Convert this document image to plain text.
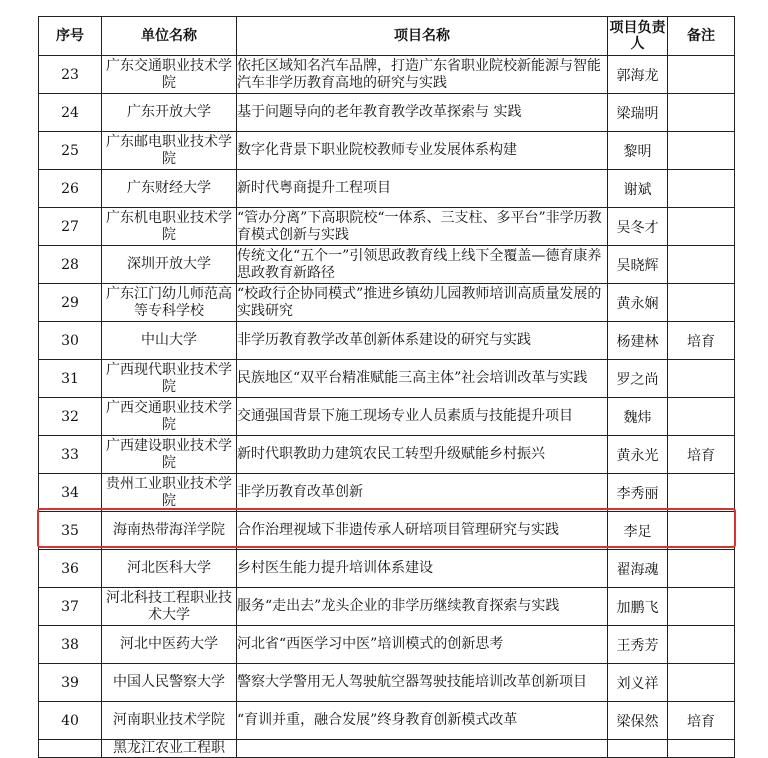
序号	单位名称	项目名称	项目负责人	备注
23	广东交通职业技术学院	依托区域知名汽车品牌，打造广东省职业院校新能源与智能汽车非学历教育高地的研究与实践	郭海龙	
24	广东开放大学	基于问题导向的老年教育教学改革探索与 实践	梁瑞明	
25	广东邮电职业技术学院	数字化背景下职业院校教师专业发展体系构建	黎明	
26	广东财经大学	新时代粤商提升工程项目	谢斌	
27	广东机电职业技术学院	“管办分离”下高职院校“一体系、三支柱、多平台”非学历教育模式创新与实践	吴冬才	
28	深圳开放大学	传统文化“五个一”引领思政教育线上线下全覆盖—德育康养思政教育新路径	吴晓辉	
29	广东江门幼儿师范高等专科学校	“校政行企协同模式”推进乡镇幼儿园教师培训高质量发展的实践研究	黄永娴	
30	中山大学	非学历教育教学改革创新体系建设的研究与实践	杨建林	培育
31	广西现代职业技术学院	民族地区“双平台精准赋能三高主体”社会培训改革与实践	罗之尚	
32	广西交通职业技术学院	交通强国背景下施工现场专业人员素质与技能提升项目	魏炜	
33	广西建设职业技术学院	新时代职教助力建筑农民工转型升级赋能乡村振兴	黄永光	培育
34	贵州工业职业技术学院	非学历教育改革创新	李秀丽	
35	海南热带海洋学院	合作治理视域下非遗传承人研培项目管理研究与实践	李足	
36	河北医科大学	乡村医生能力提升培训体系建设	翟海魂	
37	河北科技工程职业技术大学	服务“走出去”龙头企业的非学历继续教育探索与实践	加鹏飞	
38	河北中医药大学	河北省“西医学习中医”培训模式的创新思考	王秀芳	
39	中国人民警察大学	警察大学警用无人驾驶航空器驾驶技能培训改革创新项目	刘义祥	
40	河南职业技术学院	“育训并重，融合发展”终身教育创新模式改革	梁保然	培育
	黑龙江农业工程职			
